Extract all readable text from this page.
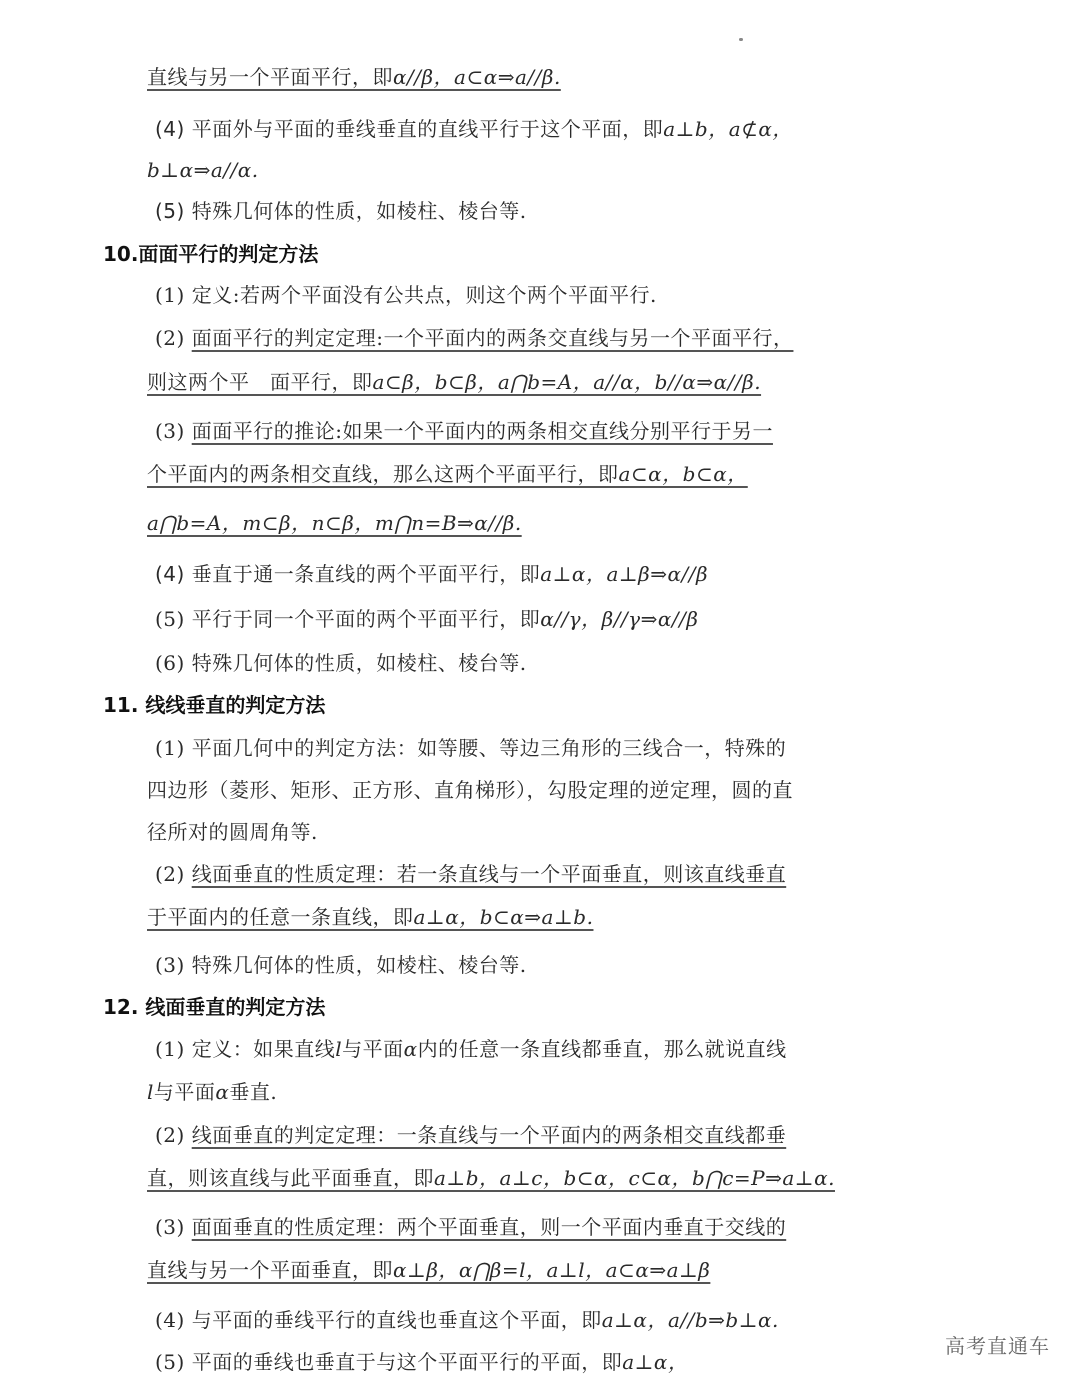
直线与另一个平面平行，即α//β，a⊂α⇒a//β.
(4) 平面外与平面的垂线垂直的直线平行于这个平面，即a⊥b，a⊄α，
b⊥α⇒a//α.
(5) 特殊几何体的性质，如棱柱、棱台等.
10.面面平行的判定方法
(1) 定义:若两个平面没有公共点，则这个两个平面平行.
(2) 面面平行的判定定理:一个平面内的两条交直线与另一个平面平行，
则这两个平　面平行，即a⊂β，b⊂β，a⋂b=A，a//α，b//α⇒α//β.
(3) 面面平行的推论:如果一个平面内的两条相交直线分别平行于另一
个平面内的两条相交直线，那么这两个平面平行，即a⊂α，b⊂α，
a⋂b=A，m⊂β，n⊂β，m⋂n=B⇒α//β.
(4) 垂直于通一条直线的两个平面平行，即a⊥α，a⊥β⇒α//β
(5) 平行于同一个平面的两个平面平行，即α//γ，β//γ⇒α//β
(6) 特殊几何体的性质，如棱柱、棱台等.
11. 线线垂直的判定方法
(1) 平面几何中的判定方法：如等腰、等边三角形的三线合一，特殊的
四边形（菱形、矩形、正方形、直角梯形），勾股定理的逆定理，圆的直
径所对的圆周角等.
(2) 线面垂直的性质定理：若一条直线与一个平面垂直，则该直线垂直
于平面内的任意一条直线，即a⊥α，b⊂α⇒a⊥b.
(3) 特殊几何体的性质，如棱柱、棱台等.
12. 线面垂直的判定方法
(1) 定义：如果直线l与平面α内的任意一条直线都垂直，那么就说直线
l与平面α垂直.
(2) 线面垂直的判定定理：一条直线与一个平面内的两条相交直线都垂
直，则该直线与此平面垂直，即a⊥b，a⊥c，b⊂α，c⊂α，b⋂c=P⇒a⊥α.
(3) 面面垂直的性质定理：两个平面垂直，则一个平面内垂直于交线的
直线与另一个平面垂直，即α⊥β，α⋂β=l，a⊥l，a⊂α⇒a⊥β
(4) 与平面的垂线平行的直线也垂直这个平面，即a⊥α，a//b⇒b⊥α.
(5) 平面的垂线也垂直于与这个平面平行的平面，即a⊥α，
高考直通车
